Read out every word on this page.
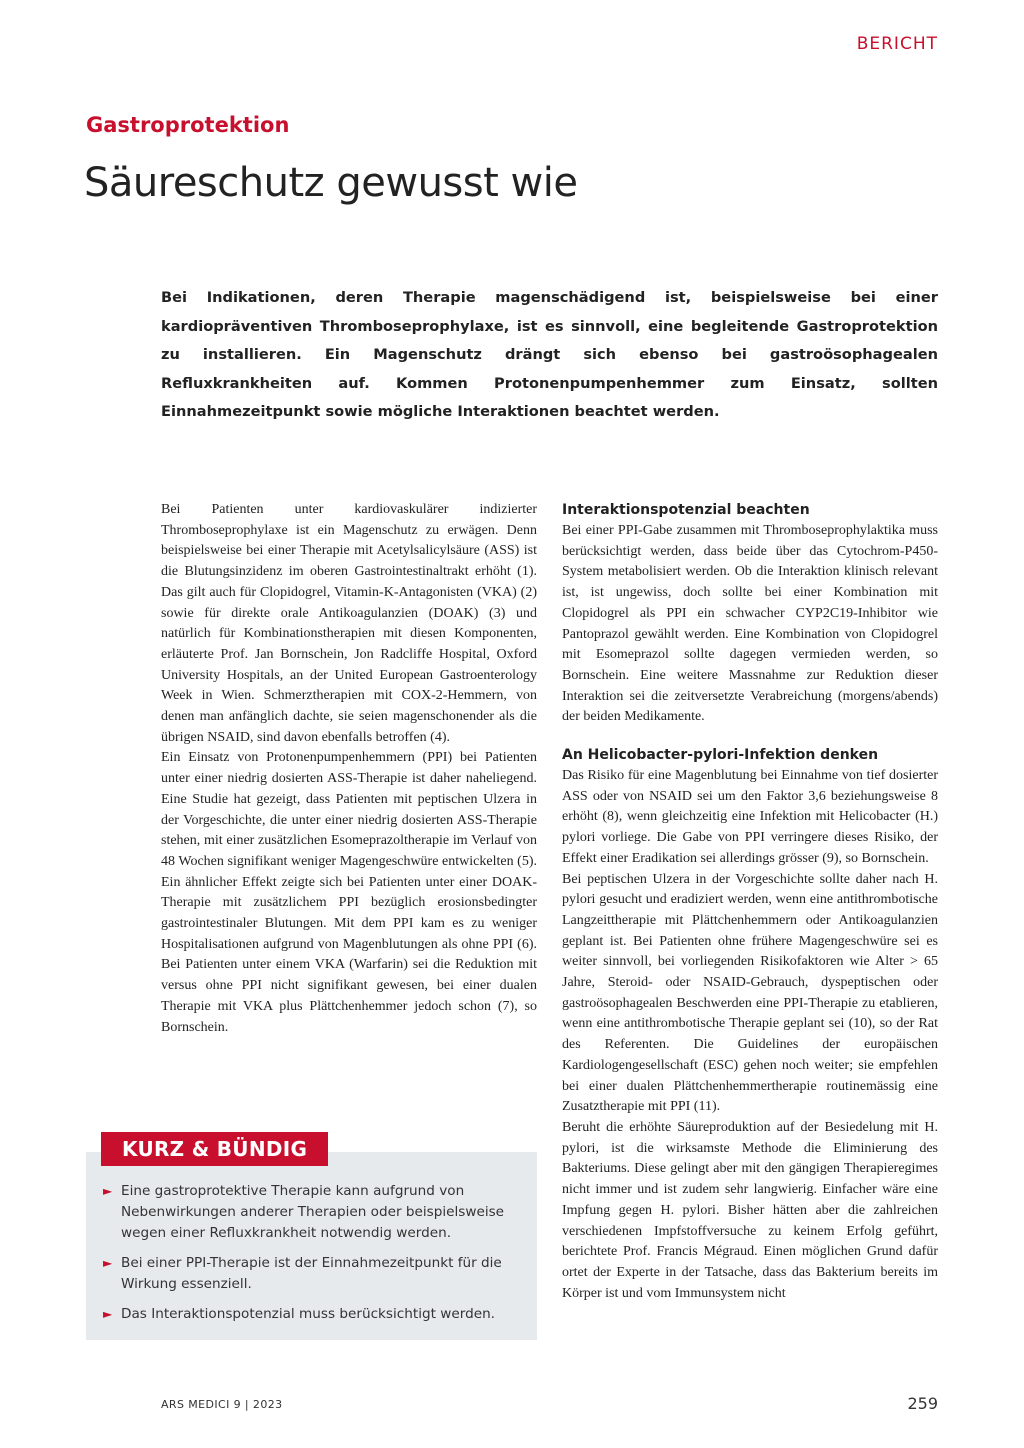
BERICHT
Gastroprotektion
Säureschutz gewusst wie

Bei Indikationen, deren Therapie magenschädigend ist, beispielsweise bei einer kardiopräventiven Thromboseprophylaxe, ist es sinnvoll, eine begleitende Gastroprotektion zu installieren. Ein Magenschutz drängt sich ebenso bei gastroösophagealen Refluxkrankheiten auf. Kommen Protonenpumpenhemmer zum Einsatz, sollten Einnahmezeitpunkt sowie mögliche Interaktionen beachtet werden.

Bei Patienten unter kardiovaskulärer indizierter Thromboseprophylaxe ist ein Magenschutz zu erwägen. Denn beispielsweise bei einer Therapie mit Acetylsalicylsäure (ASS) ist die Blutungsinzidenz im oberen Gastrointestinaltrakt erhöht (1). Das gilt auch für Clopidogrel, Vitamin-K-Antagonisten (VKA) (2) sowie für direkte orale Antikoagulanzien (DOAK) (3) und natürlich für Kombinationstherapien mit diesen Komponenten, erläuterte Prof. Jan Bornschein, Jon Radcliffe Hospital, Oxford University Hospitals, an der United European Gastroenterology Week in Wien. Schmerztherapien mit COX-2-Hemmern, von denen man anfänglich dachte, sie seien magenschonender als die übrigen NSAID, sind davon ebenfalls betroffen (4).

Ein Einsatz von Protonenpumpenhemmern (PPI) bei Patienten unter einer niedrig dosierten ASS-Therapie ist daher naheliegend. Eine Studie hat gezeigt, dass Patienten mit peptischen Ulzera in der Vorgeschichte, die unter einer niedrig dosierten ASS-Therapie stehen, mit einer zusätzlichen Esomeprazoltherapie im Verlauf von 48 Wochen signifikant weniger Magengeschwüre entwickelten (5). Ein ähnlicher Effekt zeigte sich bei Patienten unter einer DOAK-Therapie mit zusätzlichem PPI bezüglich erosionsbedingter gastrointestinaler Blutungen. Mit dem PPI kam es zu weniger Hospitalisationen aufgrund von Magenblutungen als ohne PPI (6). Bei Patienten unter einem VKA (Warfarin) sei die Reduktion mit versus ohne PPI nicht signifikant gewesen, bei einer dualen Therapie mit VKA plus Plättchenhemmer jedoch schon (7), so Bornschein.

Interaktionspotenzial beachten

Bei einer PPI-Gabe zusammen mit Thromboseprophylaktika muss berücksichtigt werden, dass beide über das Cytochrom-P450-System metabolisiert werden. Ob die Interaktion klinisch relevant ist, ist ungewiss, doch sollte bei einer Kombination mit Clopidogrel als PPI ein schwacher CYP2C19-Inhibitor wie Pantoprazol gewählt werden. Eine Kombination von Clopidogrel mit Esomeprazol sollte dagegen vermieden werden, so Bornschein. Eine weitere Massnahme zur Reduktion dieser Interaktion sei die zeitversetzte Verabreichung (morgens/abends) der beiden Medikamente.

An Helicobacter-pylori-Infektion denken

Das Risiko für eine Magenblutung bei Einnahme von tief dosierter ASS oder von NSAID sei um den Faktor 3,6 beziehungsweise 8 erhöht (8), wenn gleichzeitig eine Infektion mit Helicobacter (H.) pylori vorliege. Die Gabe von PPI verringere dieses Risiko, der Effekt einer Eradikation sei allerdings grösser (9), so Bornschein.

Bei peptischen Ulzera in der Vorgeschichte sollte daher nach H. pylori gesucht und eradiziert werden, wenn eine antithrombotische Langzeittherapie mit Plättchenhemmern oder Antikoagulanzien geplant ist. Bei Patienten ohne frühere Magengeschwüre sei es weiter sinnvoll, bei vorliegenden Risikofaktoren wie Alter > 65 Jahre, Steroid- oder NSAID-Gebrauch, dyspeptischen oder gastroösophagealen Beschwerden eine PPI-Therapie zu etablieren, wenn eine antithrombotische Therapie geplant sei (10), so der Rat des Referenten. Die Guidelines der europäischen Kardiologengesellschaft (ESC) gehen noch weiter; sie empfehlen bei einer dualen Plättchenhemmertherapie routinemässig eine Zusatztherapie mit PPI (11).

Beruht die erhöhte Säureproduktion auf der Besiedelung mit H. pylori, ist die wirksamste Methode die Eliminierung des Bakteriums. Diese gelingt aber mit den gängigen Therapieregimes nicht immer und ist zudem sehr langwierig. Einfacher wäre eine Impfung gegen H. pylori. Bisher hätten aber die zahlreichen verschiedenen Impfstoffversuche zu keinem Erfolg geführt, berichtete Prof. Francis Mégraud. Einen möglichen Grund dafür ortet der Experte in der Tatsache, dass das Bakterium bereits im Körper ist und vom Immunsystem nicht

KURZ & BÜNDIG
► Eine gastroprotektive Therapie kann aufgrund von Nebenwirkungen anderer Therapien oder beispielsweise wegen einer Refluxkrankheit notwendig werden.
► Bei einer PPI-Therapie ist der Einnahmezeitpunkt für die Wirkung essenziell.
► Das Interaktionspotenzial muss berücksichtigt werden.
ARS MEDICI 9 | 2023	259
